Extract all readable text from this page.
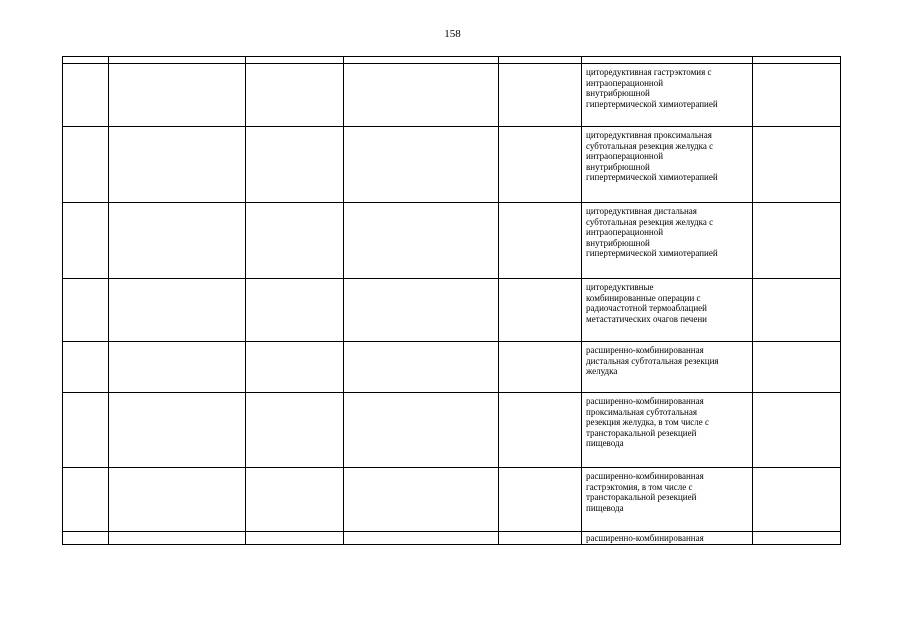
158

					циторедуктивная гастрэктомия с
интраоперационной
внутрибрюшной
гипертермической химиотерапией	

					циторедуктивная проксимальная
субтотальная резекция желудка с
интраоперационной
внутрибрюшной
гипертермической химиотерапией	

					циторедуктивная дистальная
субтотальная резекция желудка с
интраоперационной
внутрибрюшной
гипертермической химиотерапией	

					циторедуктивные
комбинированные операции с
радиочастотной термоаблацией
метастатических очагов печени	

					расширенно-комбинированная
дистальная субтотальная резекция
желудка	

					расширенно-комбинированная
проксимальная субтотальная
резекция желудка, в том числе с
трансторакальной резекцией
пищевода	

					расширенно-комбинированная
гастрэктомия, в том числе с
трансторакальной резекцией
пищевода	

					расширенно-комбинированная	
